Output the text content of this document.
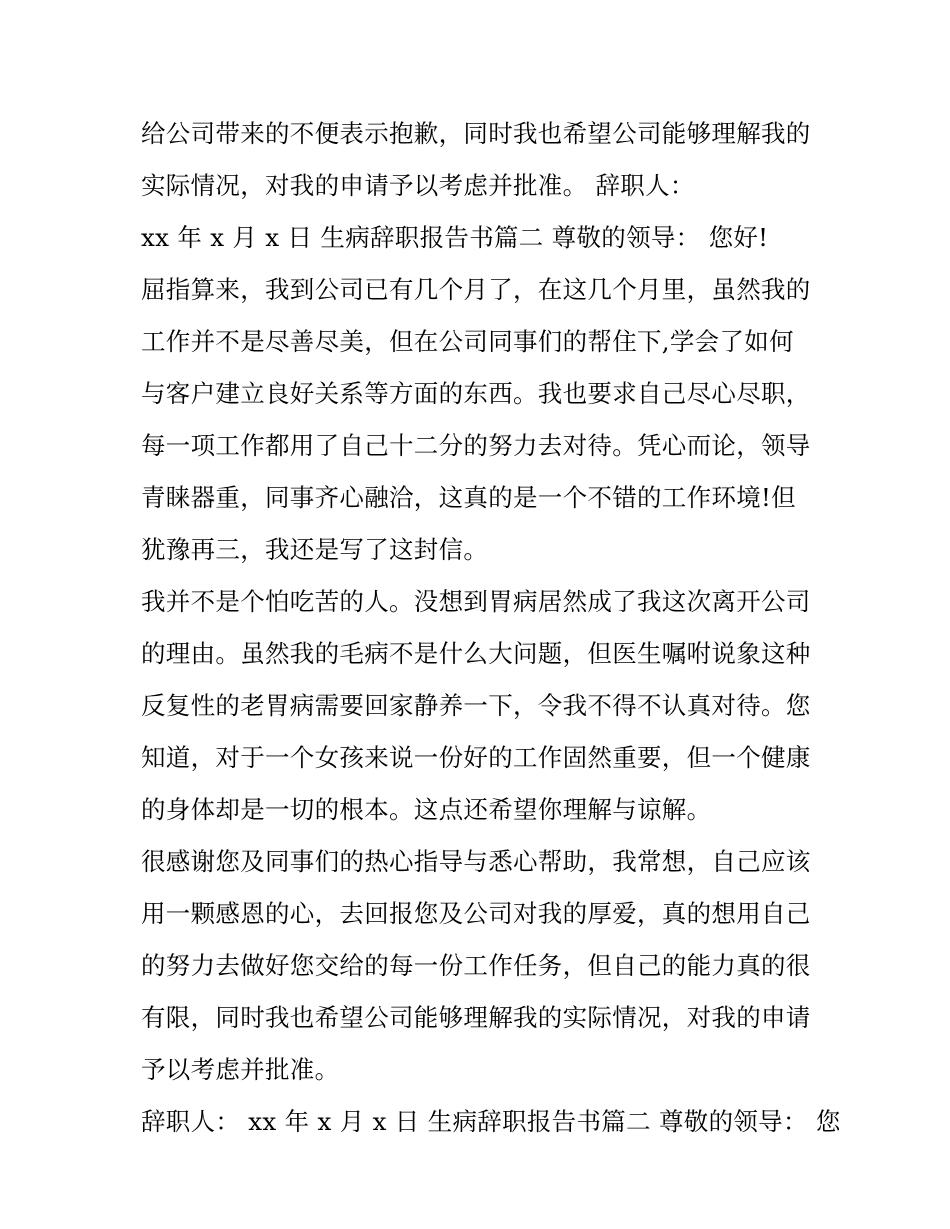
给公司带来的不便表示抱歉，同时我也希望公司能够理解我的
实际情况，对我的申请予以考虑并批准。 辞职人：
xx 年 x 月 x 日 生病辞职报告书篇二 尊敬的领导： 您好!
屈指算来，我到公司已有几个月了，在这几个月里，虽然我的
工作并不是尽善尽美，但在公司同事们的帮住下,学会了如何
与客户建立良好关系等方面的东西。我也要求自己尽心尽职，
每一项工作都用了自己十二分的努力去对待。凭心而论，领导
青睐器重，同事齐心融洽，这真的是一个不错的工作环境!但
犹豫再三，我还是写了这封信。
我并不是个怕吃苦的人。没想到胃病居然成了我这次离开公司
的理由。虽然我的毛病不是什么大问题，但医生嘱咐说象这种
反复性的老胃病需要回家静养一下，令我不得不认真对待。您
知道，对于一个女孩来说一份好的工作固然重要，但一个健康
的身体却是一切的根本。这点还希望你理解与谅解。
很感谢您及同事们的热心指导与悉心帮助，我常想，自己应该
用一颗感恩的心，去回报您及公司对我的厚爱，真的想用自己
的努力去做好您交给的每一份工作任务，但自己的能力真的很
有限，同时我也希望公司能够理解我的实际情况，对我的申请
予以考虑并批准。
辞职人： xx 年 x 月 x 日 生病辞职报告书篇二 尊敬的领导： 您
